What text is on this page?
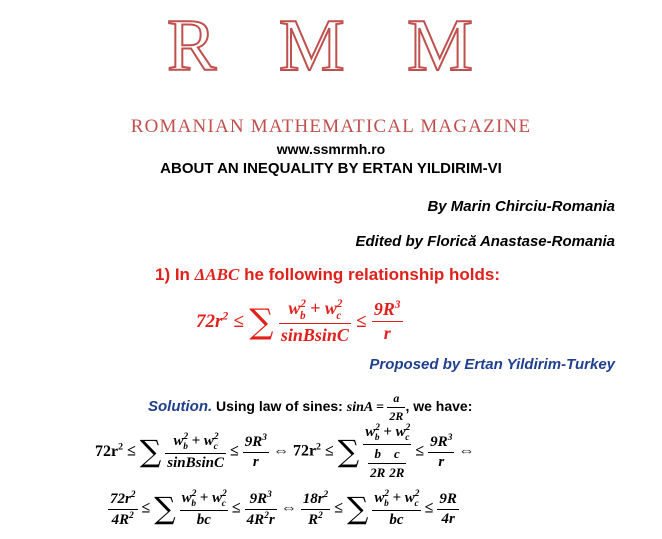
R M M
ROMANIAN MATHEMATICAL MAGAZINE
www.ssmrmh.ro
ABOUT AN INEQUALITY BY ERTAN YILDIRIM-VI
By Marin Chirciu-Romania
Edited by Florică Anastase-Romania
1) In ΔABC he following relationship holds:
$72r^2$ ≤ ∑ $\frac{w^2_b + w^2_c}{\text{sinBsinC}} \le \frac{9R^3}{r}$
Proposed by Ertan Yildirim-Turkey
Solution. Using law of sines: $\sin A = \frac{a}{2R}$ , we have:
$72r^2$ ≤ ∑ $\frac{w^2_b + w^2_c}{\text{sinBsinC}} \le \frac{9R^3}{r}$ ⇔ $72r^2$ ≤ ∑ $\frac{w^2_b + w^2_c}{\frac{b}{2R} \frac{c}{2R}} \le \frac{9R^3}{r}$ ⇔
$\frac{72r^2}{4R^2}$ ≤ ∑ $\frac{w^2_b + w^2_c}{bc} \le \frac{9R^3}{4R^2r}$ ⇔ $\frac{18r^2}{R^2}$ ≤ ∑ $\frac{w^2_b + w^2_c}{bc} \le \frac{9R}{4r}$
